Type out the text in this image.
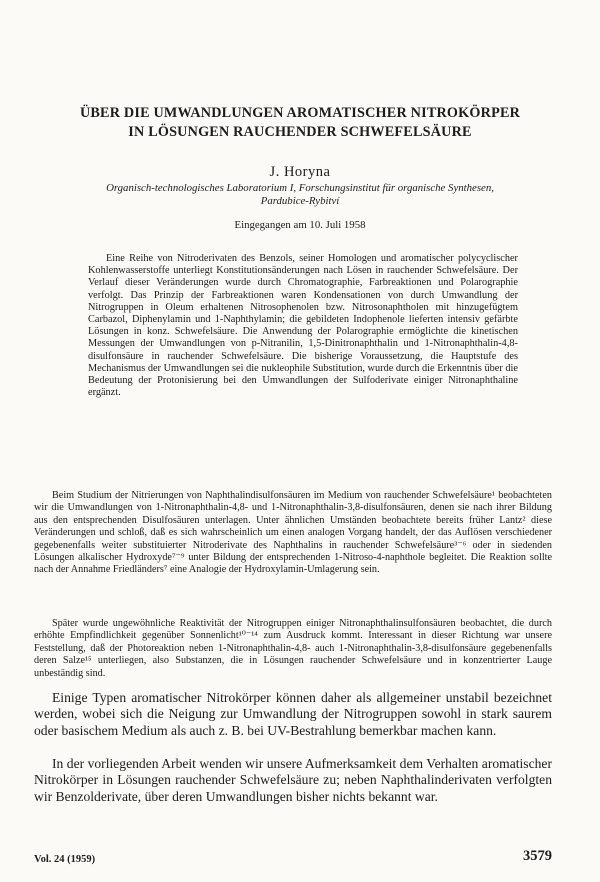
ÜBER DIE UMWANDLUNGEN AROMATISCHER NITROKÖRPER
IN LÖSUNGEN RAUCHENDER SCHWEFELSÄURE
J. Horyna
Organisch-technologisches Laboratorium I, Forschungsinstitut für organische Synthesen,
Pardubice-Rybitví
Eingegangen am 10. Juli 1958

Eine Reihe von Nitroderivaten des Benzols, seiner Homologen und aromatischer polycyclischer Kohlenwasserstoffe unterliegt Konstitutionsänderungen nach Lösen in rauchender Schwefelsäure. Der Verlauf dieser Veränderungen wurde durch Chromatographie, Farbreaktionen und Polarographie verfolgt. Das Prinzip der Farbreaktionen waren Kondensationen von durch Umwandlung der Nitrogruppen in Oleum erhaltenen Nitrosophenolen bzw. Nitrosonaphtholen mit hinzugefügtem Carbazol, Diphenylamin und 1-Naphthylamin; die gebildeten Indophenole lieferten intensiv gefärbte Lösungen in konz. Schwefelsäure. Die Anwendung der Polarographie ermöglichte die kinetischen Messungen der Umwandlungen von p-Nitranilin, 1,5-Dinitronaphthalin und 1-Nitronaphthalin-4,8-disulfonsäure in rauchender Schwefelsäure. Die bisherige Voraussetzung, die Hauptstufe des Mechanismus der Umwandlungen sei die nukleophile Substitution, wurde durch die Erkenntnis über die Bedeutung der Protonisierung bei den Umwandlungen der Sulfoderivate einiger Nitronaphthaline ergänzt.

Beim Studium der Nitrierungen von Naphthalindisulfonsäuren im Medium von rauchender Schwefelsäure¹ beobachteten wir die Umwandlungen von 1-Nitronaphthalin-4,8- und 1-Nitronaphthalin-3,8-disulfonsäuren, denen sie nach ihrer Bildung aus den entsprechenden Disulfosäuren unterlagen. Unter ähnlichen Umständen beobachtete bereits früher Lantz² diese Veränderungen und schloß, daß es sich wahrscheinlich um einen analogen Vorgang handelt, der das Auflösen verschiedener gegebenenfalls weiter substituierter Nitroderivate des Naphthalins in rauchender Schwefelsäure³⁻⁶ oder in siedenden Lösungen alkalischer Hydroxyde⁷⁻⁹ unter Bildung der entsprechenden 1-Nitroso-4-naphthole begleitet. Die Reaktion sollte nach der Annahme Friedländers⁷ eine Analogie der Hydroxylamin-Umlagerung sein.

Später wurde ungewöhnliche Reaktivität der Nitrogruppen einiger Nitronaphthalinsulfonsäuren beobachtet, die durch erhöhte Empfindlichkeit gegenüber Sonnenlicht¹⁰⁻¹⁴ zum Ausdruck kommt. Interessant in dieser Richtung war unsere Feststellung, daß der Photoreaktion neben 1-Nitronaphthalin-4,8- auch 1-Nitronaphthalin-3,8-disulfonsäure gegebenenfalls deren Salze¹⁵ unterliegen, also Substanzen, die in Lösungen rauchender Schwefelsäure und in konzentrierter Lauge unbeständig sind.

Einige Typen aromatischer Nitrokörper können daher als allgemeiner unstabil bezeichnet werden, wobei sich die Neigung zur Umwandlung der Nitrogruppen sowohl in stark saurem oder basischem Medium als auch z. B. bei UV-Bestrahlung bemerkbar machen kann.

In der vorliegenden Arbeit wenden wir unsere Aufmerksamkeit dem Verhalten aromatischer Nitrokörper in Lösungen rauchender Schwefelsäure zu; neben Naphthalinderivaten verfolgten wir Benzolderivate, über deren Umwandlungen bisher nichts bekannt war.

Vol. 24 (1959)	3579
